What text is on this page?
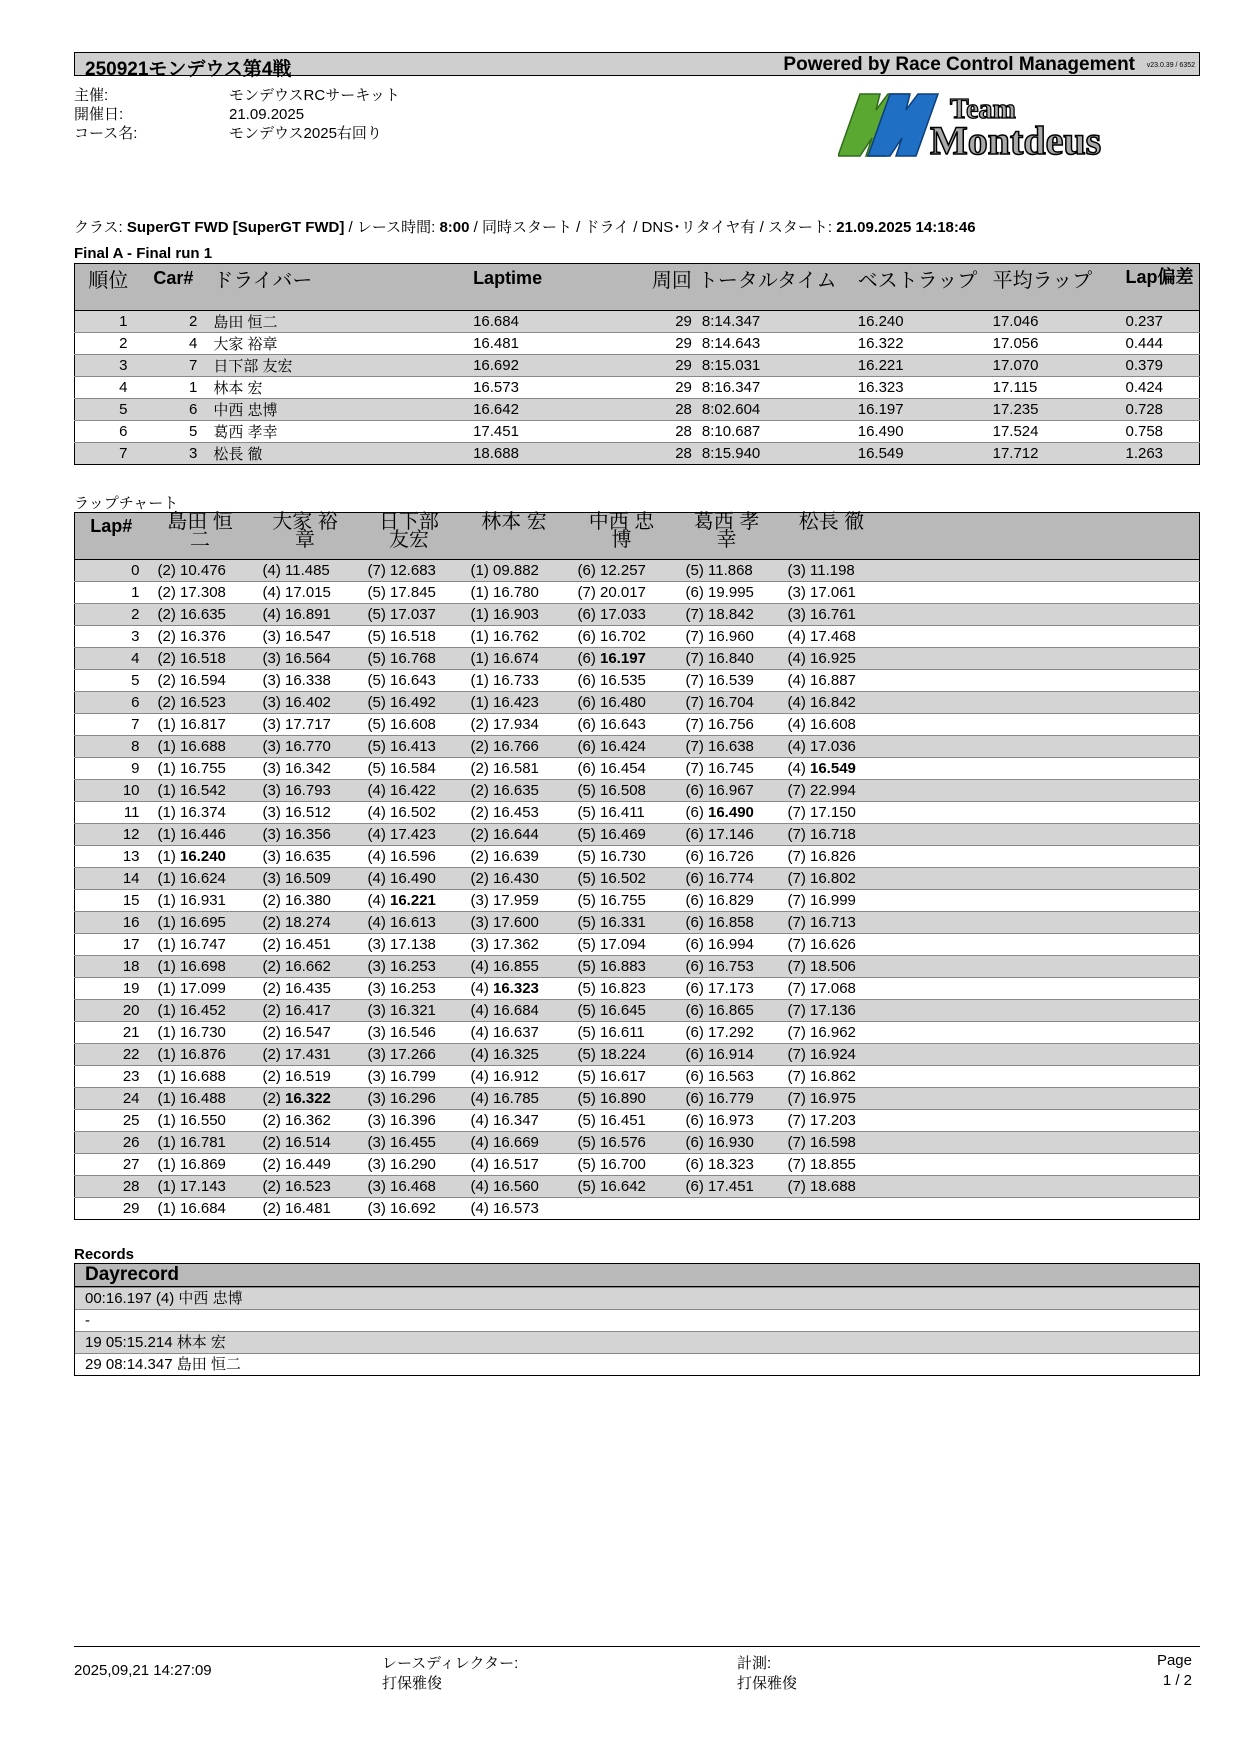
250921モンデウス第4戦	Powered by Race Control Management v23.0.39 / 6352
主催:	モンデウスRCサーキット
開催日:	21.09.2025
コース名:	モンデウス2025右回り
Team
Montdeus
クラス: SuperGT FWD [SuperGT FWD] / レース時間: 8:00 / 同時スタート / ドライ / DNS･リタイヤ有 / スタート: 21.09.2025 14:18:46
Final A - Final run 1
順位	Car#	ドライバー	Laptime	周回	トータルタイム	ベストラップ	平均ラップ	Lap偏差
1	2	島田 恒二	16.684	29	8:14.347	16.240	17.046	0.237
2	4	大家 裕章	16.481	29	8:14.643	16.322	17.056	0.444
3	7	日下部 友宏	16.692	29	8:15.031	16.221	17.070	0.379
4	1	林本 宏	16.573	29	8:16.347	16.323	17.115	0.424
5	6	中西 忠博	16.642	28	8:02.604	16.197	17.235	0.728
6	5	葛西 孝幸	17.451	28	8:10.687	16.490	17.524	0.758
7	3	松長 徹	18.688	28	8:15.940	16.549	17.712	1.263
ラップチャート
Lap#	島田 恒二	大家 裕章	日下部 友宏	林本 宏	中西 忠博	葛西 孝幸	松長 徹	
0	(2) 10.476	(4) 11.485	(7) 12.683	(1) 09.882	(6) 12.257	(5) 11.868	(3) 11.198	
1	(2) 17.308	(4) 17.015	(5) 17.845	(1) 16.780	(7) 20.017	(6) 19.995	(3) 17.061	
2	(2) 16.635	(4) 16.891	(5) 17.037	(1) 16.903	(6) 17.033	(7) 18.842	(3) 16.761	
3	(2) 16.376	(3) 16.547	(5) 16.518	(1) 16.762	(6) 16.702	(7) 16.960	(4) 17.468	
4	(2) 16.518	(3) 16.564	(5) 16.768	(1) 16.674	(6) 16.197	(7) 16.840	(4) 16.925	
5	(2) 16.594	(3) 16.338	(5) 16.643	(1) 16.733	(6) 16.535	(7) 16.539	(4) 16.887	
6	(2) 16.523	(3) 16.402	(5) 16.492	(1) 16.423	(6) 16.480	(7) 16.704	(4) 16.842	
7	(1) 16.817	(3) 17.717	(5) 16.608	(2) 17.934	(6) 16.643	(7) 16.756	(4) 16.608	
8	(1) 16.688	(3) 16.770	(5) 16.413	(2) 16.766	(6) 16.424	(7) 16.638	(4) 17.036	
9	(1) 16.755	(3) 16.342	(5) 16.584	(2) 16.581	(6) 16.454	(7) 16.745	(4) 16.549	
10	(1) 16.542	(3) 16.793	(4) 16.422	(2) 16.635	(5) 16.508	(6) 16.967	(7) 22.994	
11	(1) 16.374	(3) 16.512	(4) 16.502	(2) 16.453	(5) 16.411	(6) 16.490	(7) 17.150	
12	(1) 16.446	(3) 16.356	(4) 17.423	(2) 16.644	(5) 16.469	(6) 17.146	(7) 16.718	
13	(1) 16.240	(3) 16.635	(4) 16.596	(2) 16.639	(5) 16.730	(6) 16.726	(7) 16.826	
14	(1) 16.624	(3) 16.509	(4) 16.490	(2) 16.430	(5) 16.502	(6) 16.774	(7) 16.802	
15	(1) 16.931	(2) 16.380	(4) 16.221	(3) 17.959	(5) 16.755	(6) 16.829	(7) 16.999	
16	(1) 16.695	(2) 18.274	(4) 16.613	(3) 17.600	(5) 16.331	(6) 16.858	(7) 16.713	
17	(1) 16.747	(2) 16.451	(3) 17.138	(3) 17.362	(5) 17.094	(6) 16.994	(7) 16.626	
18	(1) 16.698	(2) 16.662	(3) 16.253	(4) 16.855	(5) 16.883	(6) 16.753	(7) 18.506	
19	(1) 17.099	(2) 16.435	(3) 16.253	(4) 16.323	(5) 16.823	(6) 17.173	(7) 17.068	
20	(1) 16.452	(2) 16.417	(3) 16.321	(4) 16.684	(5) 16.645	(6) 16.865	(7) 17.136	
21	(1) 16.730	(2) 16.547	(3) 16.546	(4) 16.637	(5) 16.611	(6) 17.292	(7) 16.962	
22	(1) 16.876	(2) 17.431	(3) 17.266	(4) 16.325	(5) 18.224	(6) 16.914	(7) 16.924	
23	(1) 16.688	(2) 16.519	(3) 16.799	(4) 16.912	(5) 16.617	(6) 16.563	(7) 16.862	
24	(1) 16.488	(2) 16.322	(3) 16.296	(4) 16.785	(5) 16.890	(6) 16.779	(7) 16.975	
25	(1) 16.550	(2) 16.362	(3) 16.396	(4) 16.347	(5) 16.451	(6) 16.973	(7) 17.203	
26	(1) 16.781	(2) 16.514	(3) 16.455	(4) 16.669	(5) 16.576	(6) 16.930	(7) 16.598	
27	(1) 16.869	(2) 16.449	(3) 16.290	(4) 16.517	(5) 16.700	(6) 18.323	(7) 18.855	
28	(1) 17.143	(2) 16.523	(3) 16.468	(4) 16.560	(5) 16.642	(6) 17.451	(7) 18.688	
29	(1) 16.684	(2) 16.481	(3) 16.692	(4) 16.573				
Records
Dayrecord
00:16.197 (4) 中西 忠博
-
19 05:15.214 林本 宏
29 08:14.347 島田 恒二
2025,09,21 14:27:09	レースディレクター:
打保雅俊
計測:
打保雅俊
Page
1 / 2
